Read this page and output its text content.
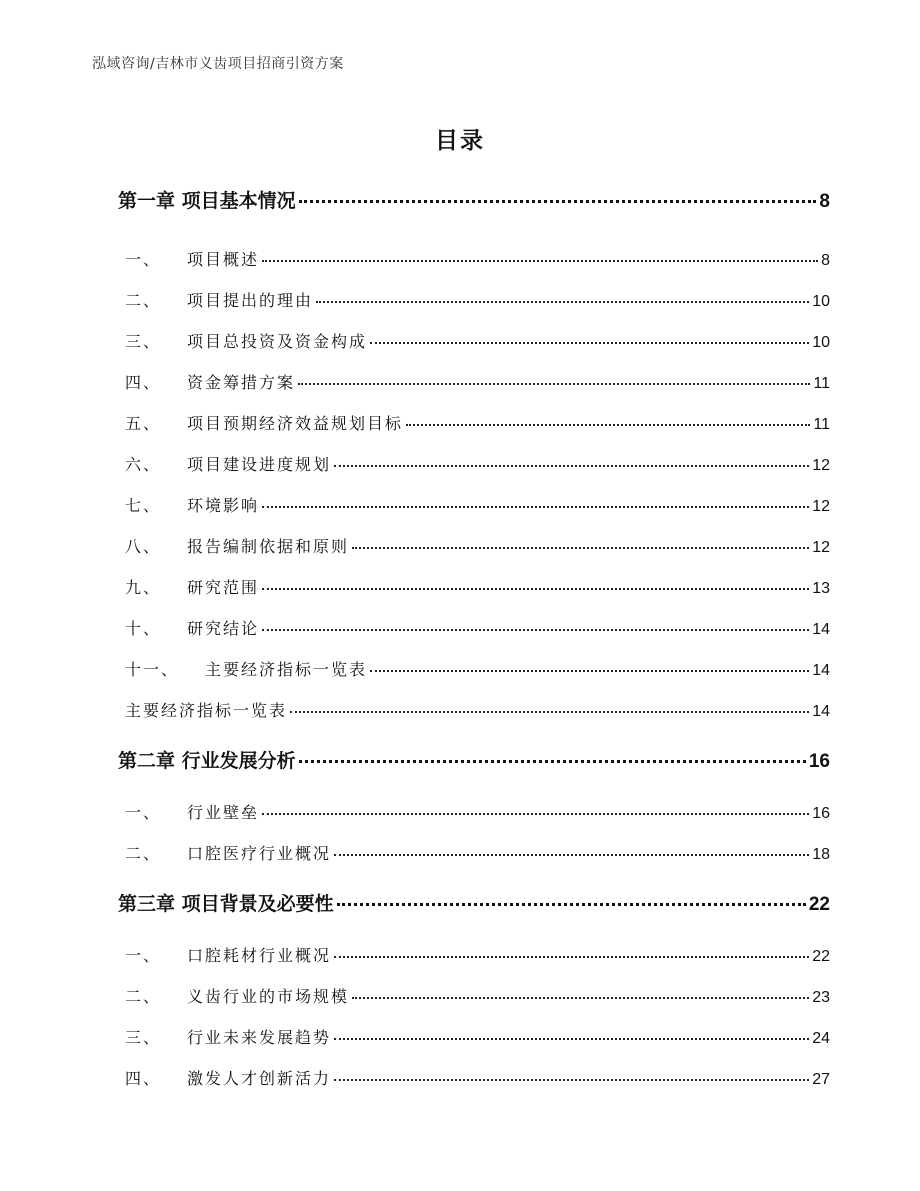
泓域咨询/吉林市义齿项目招商引资方案
目录
第一章 项目基本情况	8
一、 项目概述	8
二、 项目提出的理由	10
三、 项目总投资及资金构成	10
四、 资金筹措方案	11
五、 项目预期经济效益规划目标	11
六、 项目建设进度规划	12
七、 环境影响	12
八、 报告编制依据和原则	12
九、 研究范围	13
十、 研究结论	14
十一、 主要经济指标一览表	14
主要经济指标一览表	14
第二章 行业发展分析	16
一、 行业壁垒	16
二、 口腔医疗行业概况	18
第三章 项目背景及必要性	22
一、 口腔耗材行业概况	22
二、 义齿行业的市场规模	23
三、 行业未来发展趋势	24
四、 激发人才创新活力	27
